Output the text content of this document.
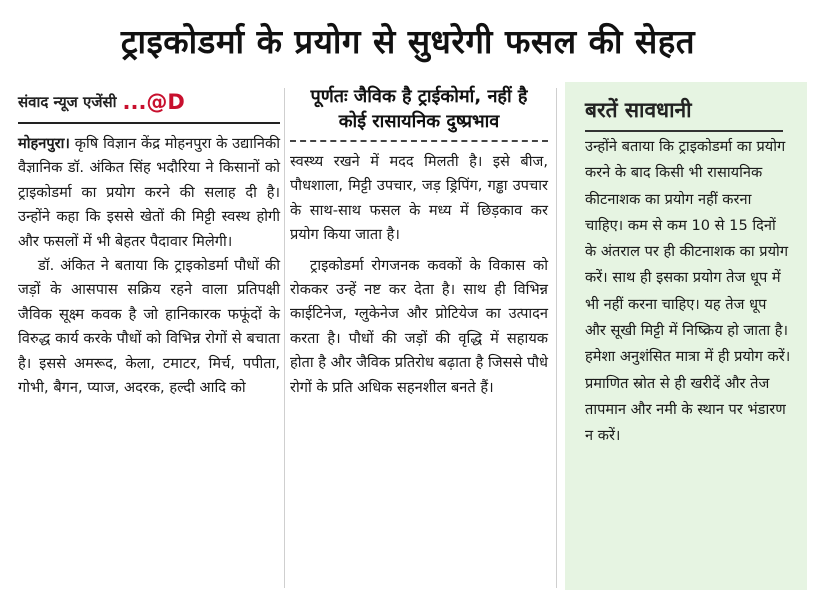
ट्राइकोडर्मा के प्रयोग से सुधरेगी फसल की सेहत
संवाद न्यूज एजेंसी ...@D

मोहनपुरा। कृषि विज्ञान केंद्र मोहनपुरा के उद्यानिकी वैज्ञानिक डॉ. अंकित सिंह भदौरिया ने किसानों को ट्राइकोडर्मा का प्रयोग करने की सलाह दी है। उन्होंने कहा कि इससे खेतों की मिट्टी स्वस्थ होगी और फसलों में भी बेहतर पैदावार मिलेगी।

डॉ. अंकित ने बताया कि ट्राइकोडर्मा पौधों की जड़ों के आसपास सक्रिय रहने वाला प्रतिपक्षी जैविक सूक्ष्म कवक है जो हानिकारक फफूंदों के विरुद्ध कार्य करके पौधों को विभिन्न रोगों से बचाता है। इससे अमरूद, केला, टमाटर, मिर्च, पपीता, गोभी, बैगन, प्याज, अदरक, हल्दी आदि को

पूर्णतः जैविक है ट्राईकोर्मा, नहीं है कोई रासायनिक दुष्प्रभाव

स्वस्थ्य रखने में मदद मिलती है। इसे बीज, पौधशाला, मिट्टी उपचार, जड़ ड्रिपिंग, गड्ढा उपचार के साथ-साथ फसल के मध्य में छिड़काव कर प्रयोग किया जाता है।

ट्राइकोडर्मा रोगजनक कवकों के विकास को रोककर उन्हें नष्ट कर देता है। साथ ही विभिन्न काईटिनेज, ग्लुकेनेज और प्रोटियेज का उत्पादन करता है। पौधों की जड़ों की वृद्धि में सहायक होता है और जैविक प्रतिरोध बढ़ाता है जिससे पौधे रोगों के प्रति अधिक सहनशील बनते हैं।

बरतें सावधानी

उन्होंने बताया कि ट्राइकोडर्मा का प्रयोग करने के बाद किसी भी रासायनिक कीटनाशक का प्रयोग नहीं करना चाहिए। कम से कम 10 से 15 दिनों के अंतराल पर ही कीटनाशक का प्रयोग करें। साथ ही इसका प्रयोग तेज धूप में भी नहीं करना चाहिए। यह तेज धूप और सूखी मिट्टी में निष्क्रिय हो जाता है। हमेशा अनुशंसित मात्रा में ही प्रयोग करें। प्रमाणित स्रोत से ही खरीदें और तेज तापमान और नमी के स्थान पर भंडारण न करें।
